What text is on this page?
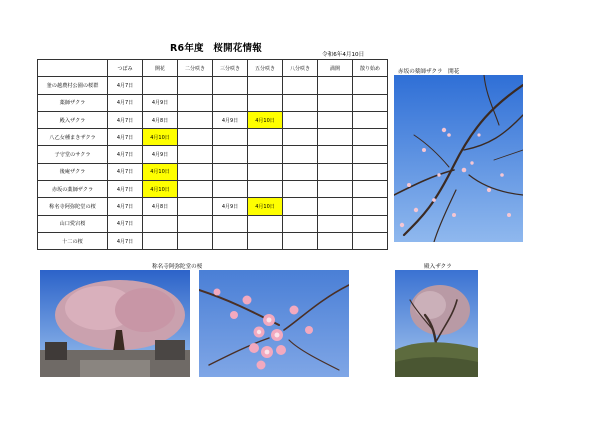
R6年度　桜開花情報
令和6年4月10日
	つぼみ	開花	二分咲き	三分咲き	五分咲き	八分咲き	満開	散り始め
釜の越農村公園の桜群	4月7日							
薬師ザクラ	4月7日	4月9日						
殿入ザクラ	4月7日	4月8日		4月9日	4月10日			
八乙女種まきザクラ	4月7日	4月10日						
子守堂のサクラ	4月7日	4月9日						
後庵ザクラ	4月7日	4月10日						
赤坂の薬師ザクラ	4月7日	4月10日						
称名寺阿弥陀堂の桜	4月7日	4月8日		4月9日	4月10日			
山口愛宕桜	4月7日							
十二の桜	4月7日							
赤坂の薬師ザクラ　開花
称名寺阿弥陀堂の桜	殿入ザクラ
